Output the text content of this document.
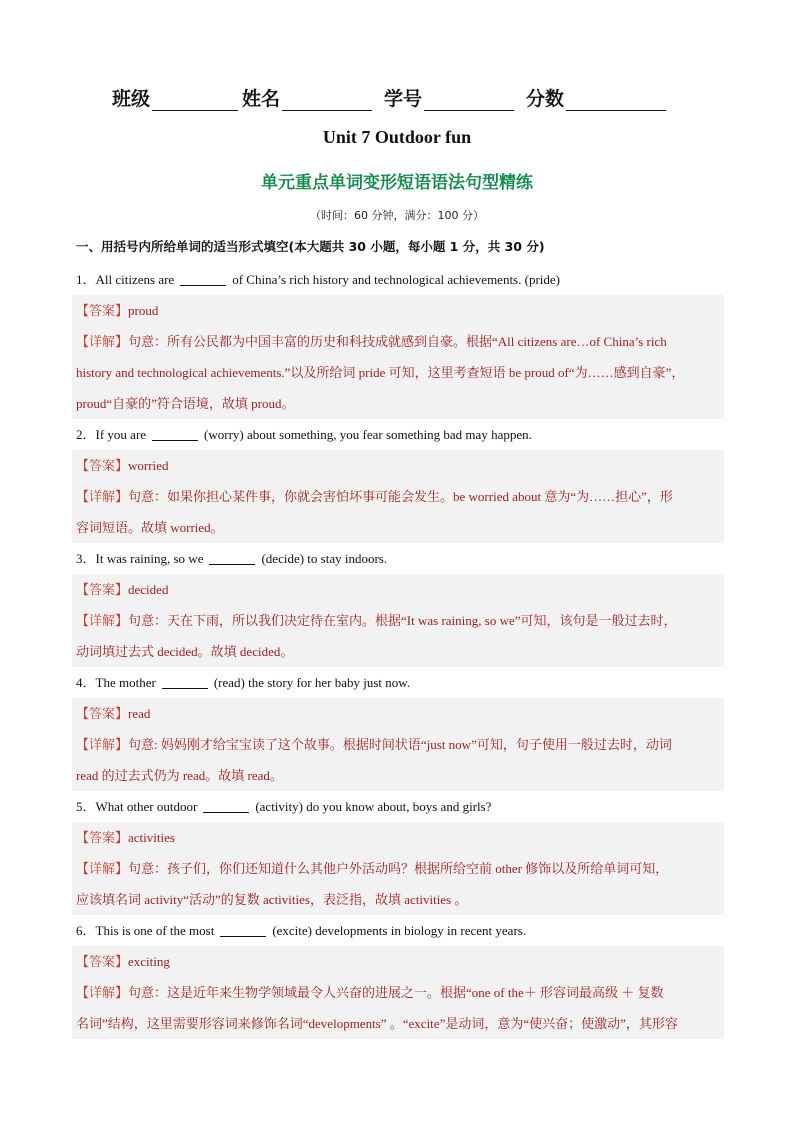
班级	姓名	学号	分数
Unit 7 Outdoor fun
单元重点单词变形短语语法句型精练
（时间：60 分钟，满分：100 分）
一、用括号内所给单词的适当形式填空(本大题共 30 小题，每小题 1 分，共 30 分)
1．All citizens are	of China’s rich history and technological achievements. (pride)
【答案】proud
【详解】句意：所有公民都为中国丰富的历史和科技成就感到自豪。根据“All citizens are…of China’s rich
history and technological achievements.”以及所给词 pride 可知，这里考查短语 be proud of“为……感到自豪”，
proud“自豪的”符合语境，故填 proud。
2．If you are	(worry) about something, you fear something bad may happen.
【答案】worried
【详解】句意：如果你担心某件事，你就会害怕坏事可能会发生。be worried about 意为“为……担心”，形
容词短语。故填 worried。
3．It was raining, so we	(decide) to stay indoors.
【答案】decided
【详解】句意：天在下雨，所以我们决定待在室内。根据“It was raining, so we”可知，该句是一般过去时，
动词填过去式 decided。故填 decided。
4．The mother	(read) the story for her baby just now.
【答案】read
【详解】句意: 妈妈刚才给宝宝读了这个故事。根据时间状语“just now”可知，句子使用一般过去时，动词
read 的过去式仍为 read。故填 read。
5．What other outdoor	(activity) do you know about, boys and girls?
【答案】activities
【详解】句意：孩子们，你们还知道什么其他户外活动吗？根据所给空前 other 修饰以及所给单词可知，
应该填名词 activity“活动”的复数 activities，表泛指，故填 activities 。
6．This is one of the most	(excite) developments in biology in recent years.
【答案】exciting
【详解】句意：这是近年来生物学领域最令人兴奋的进展之一。根据“one of the＋ 形容词最高级 ＋ 复数
名词”结构，这里需要形容词来修饰名词“developments” 。“excite”是动词，意为“使兴奋；使激动”，其形容
